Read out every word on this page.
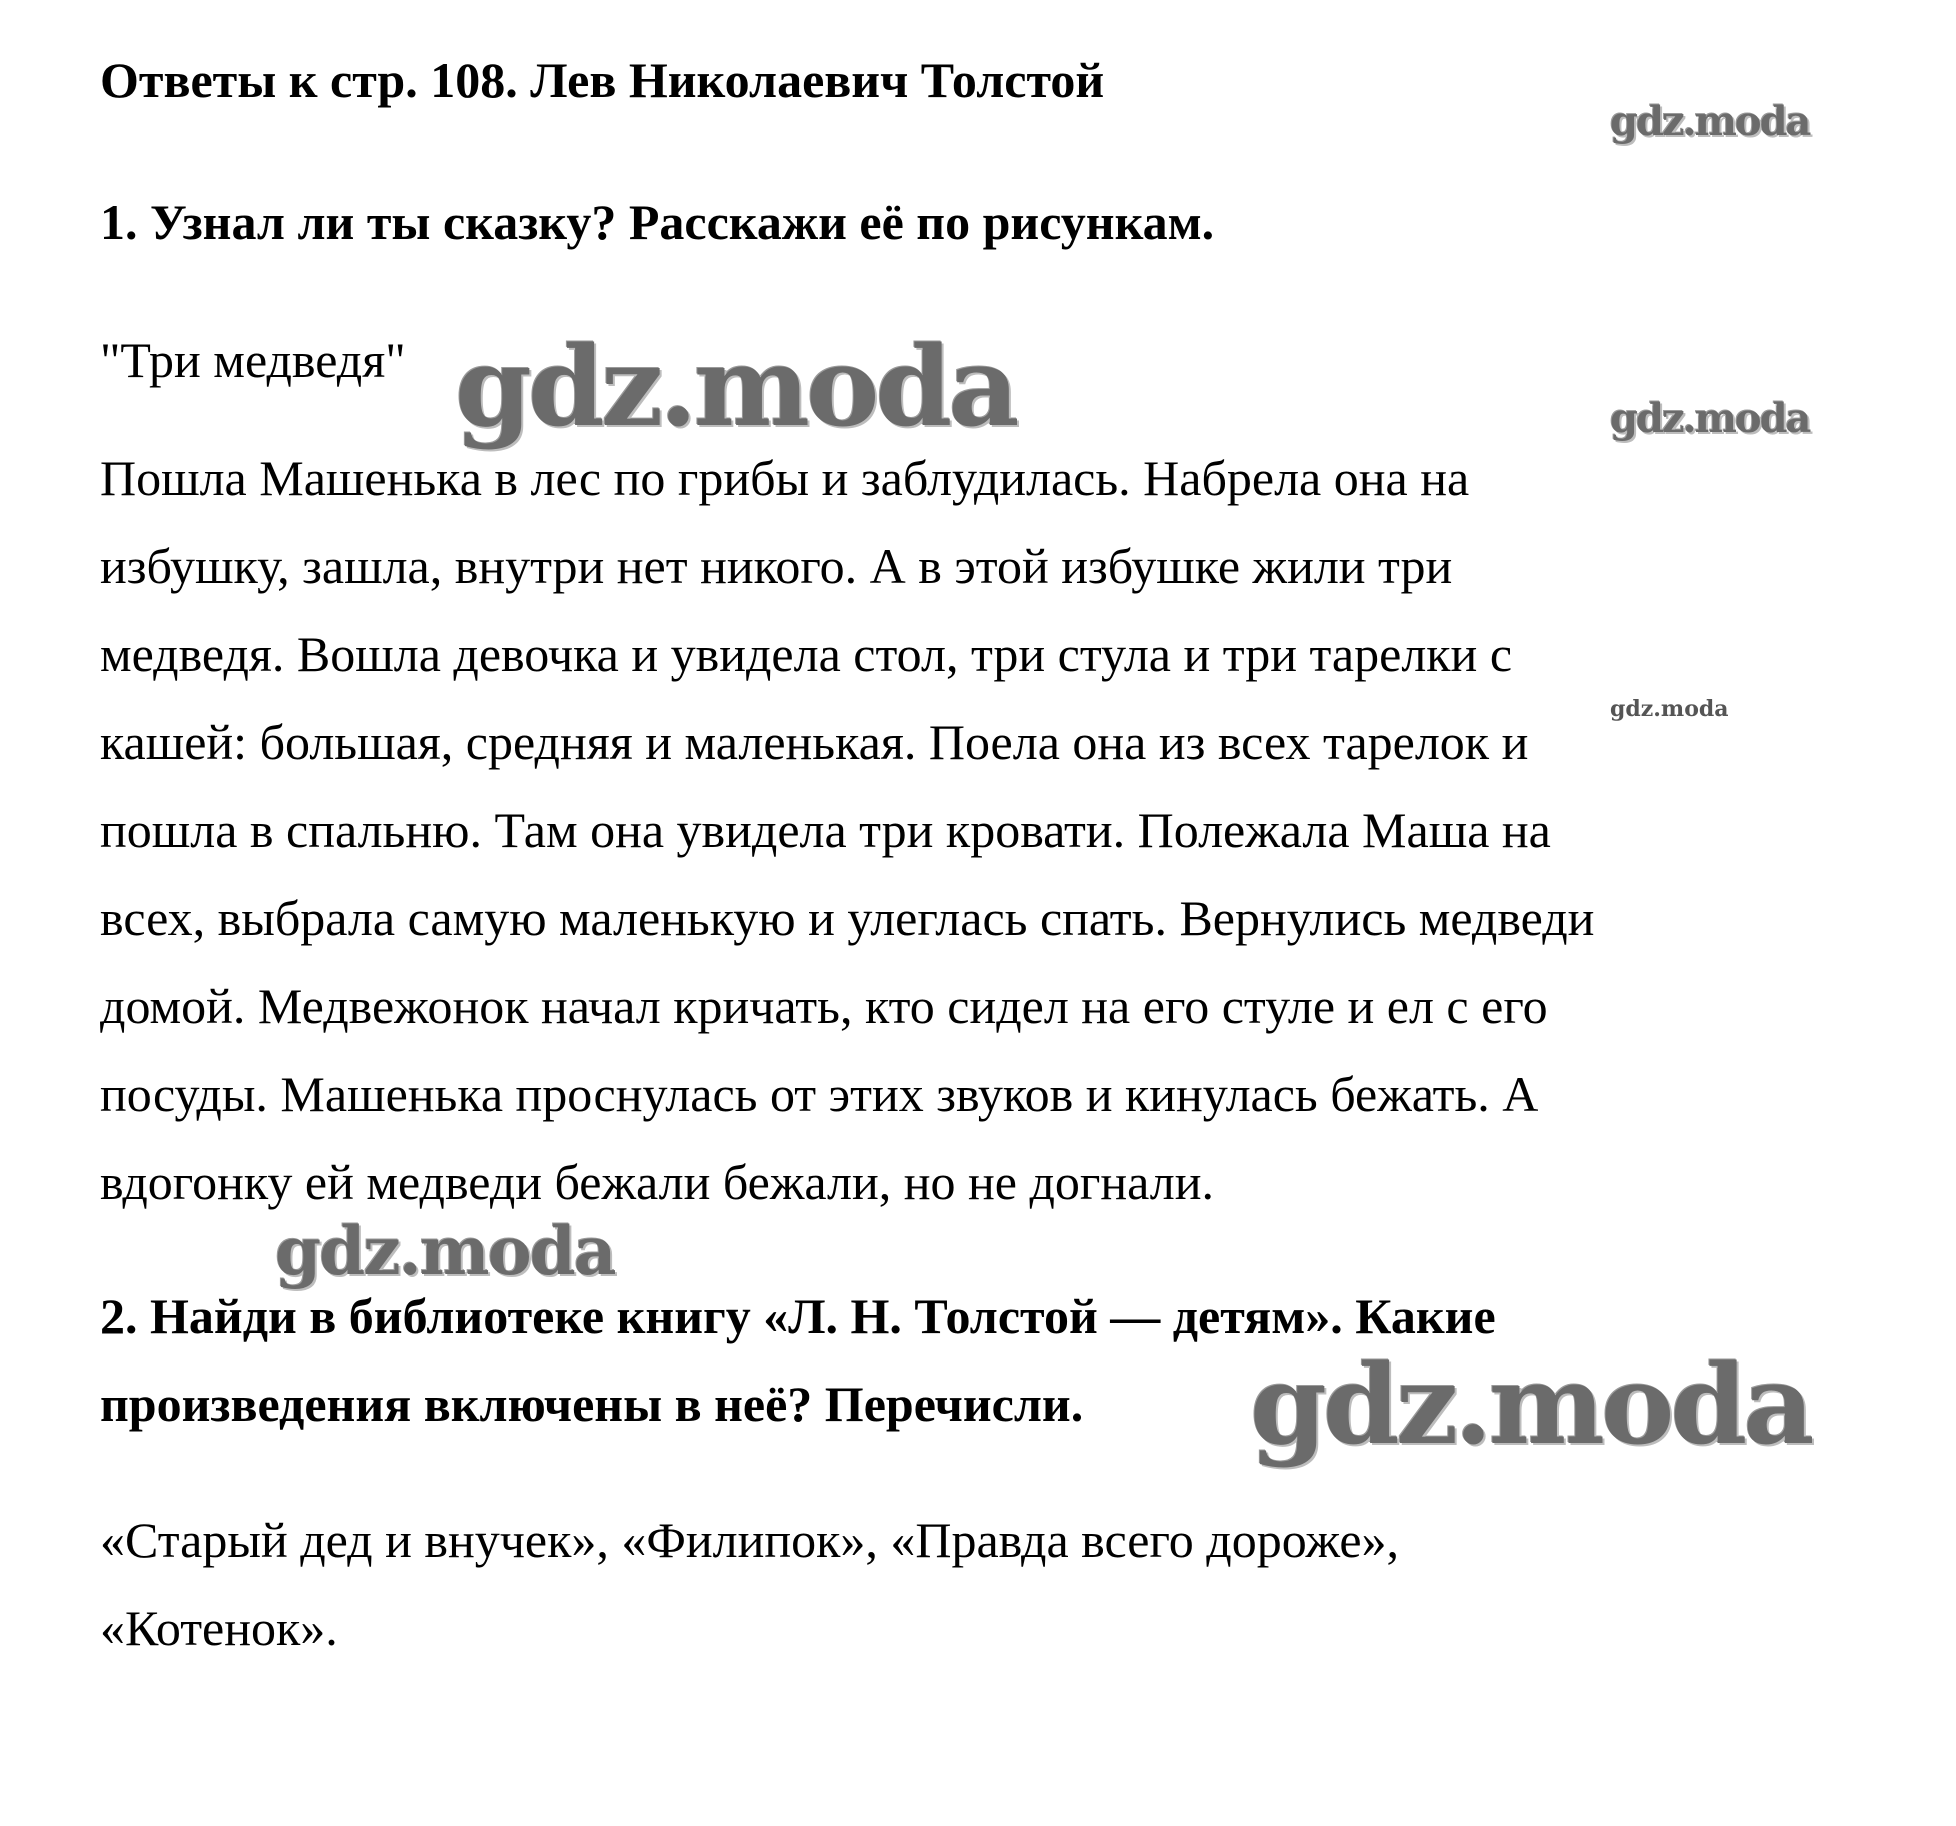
Ответы к стр. 108. Лев Николаевич Толстой
gdz.moda
1. Узнал ли ты сказку? Расскажи её по рисункам.
"Три медведя" gdz.moda	gdz.moda
gdz.moda
Пошла Машенька в лес по грибы и заблудилась. Набрела она на
избушку, зашла, внутри нет никого. А в этой избушке жили три
медведя. Вошла девочка и увидела стол, три стула и три тарелки с
кашей: большая, средняя и маленькая. Поела она из всех тарелок и
пошла в спальню. Там она увидела три кровати. Полежала Маша на
всех, выбрала самую маленькую и улеглась спать. Вернулись медведи
домой. Медвежонок начал кричать, кто сидел на его стуле и ел с его
посуды. Машенька проснулась от этих звуков и кинулась бежать. А
вдогонку ей медведи бежали бежали, но не догнали.
gdz.moda
2. Найди в библиотеке книгу «Л. Н. Толстой — детям». Какие
произведения включены в неё? Перечисли.	gdz.moda
«Старый дед и внучек», «Филипок», «Правда всего дороже»,
«Котенок».
